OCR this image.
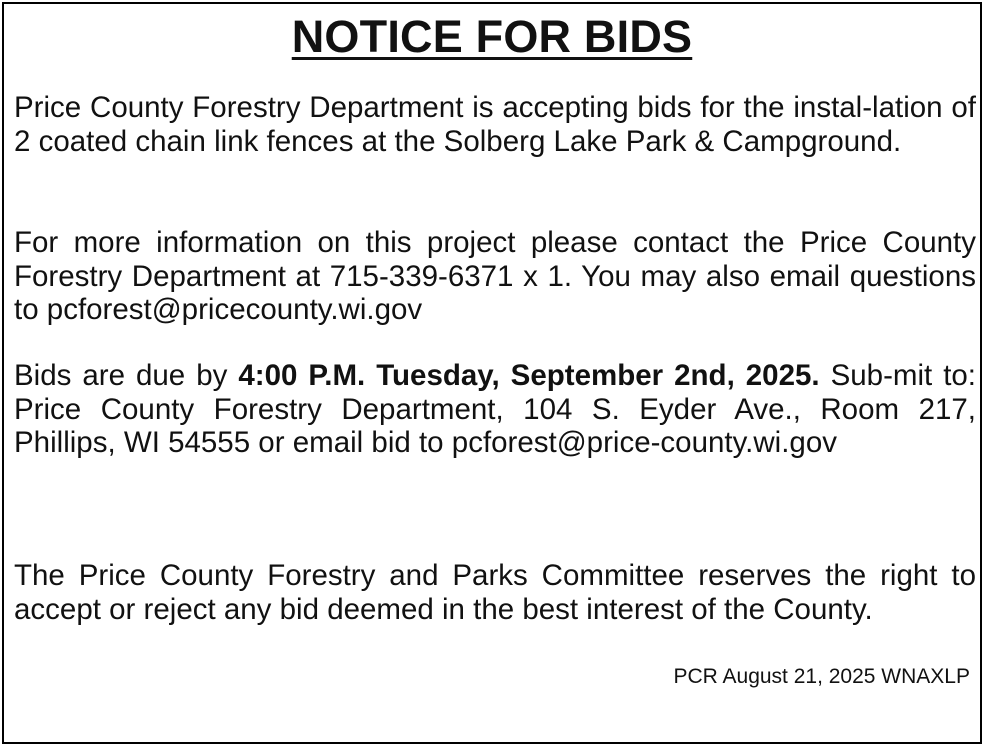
NOTICE FOR BIDS

Price County Forestry Department is accepting bids for the instal-lation of 2 coated chain link fences at the Solberg Lake Park & Campground.

For more information on this project please contact the Price County Forestry Department at 715-339-6371 x 1. You may also email questions to pcforest@pricecounty.wi.gov

Bids are due by 4:00 P.M. Tuesday, September 2nd, 2025. Sub-mit to: Price County Forestry Department, 104 S. Eyder Ave., Room 217, Phillips, WI 54555 or email bid to pcforest@price-county.wi.gov

The Price County Forestry and Parks Committee reserves the right to accept or reject any bid deemed in the best interest of the County.

PCR August 21, 2025 WNAXLP
